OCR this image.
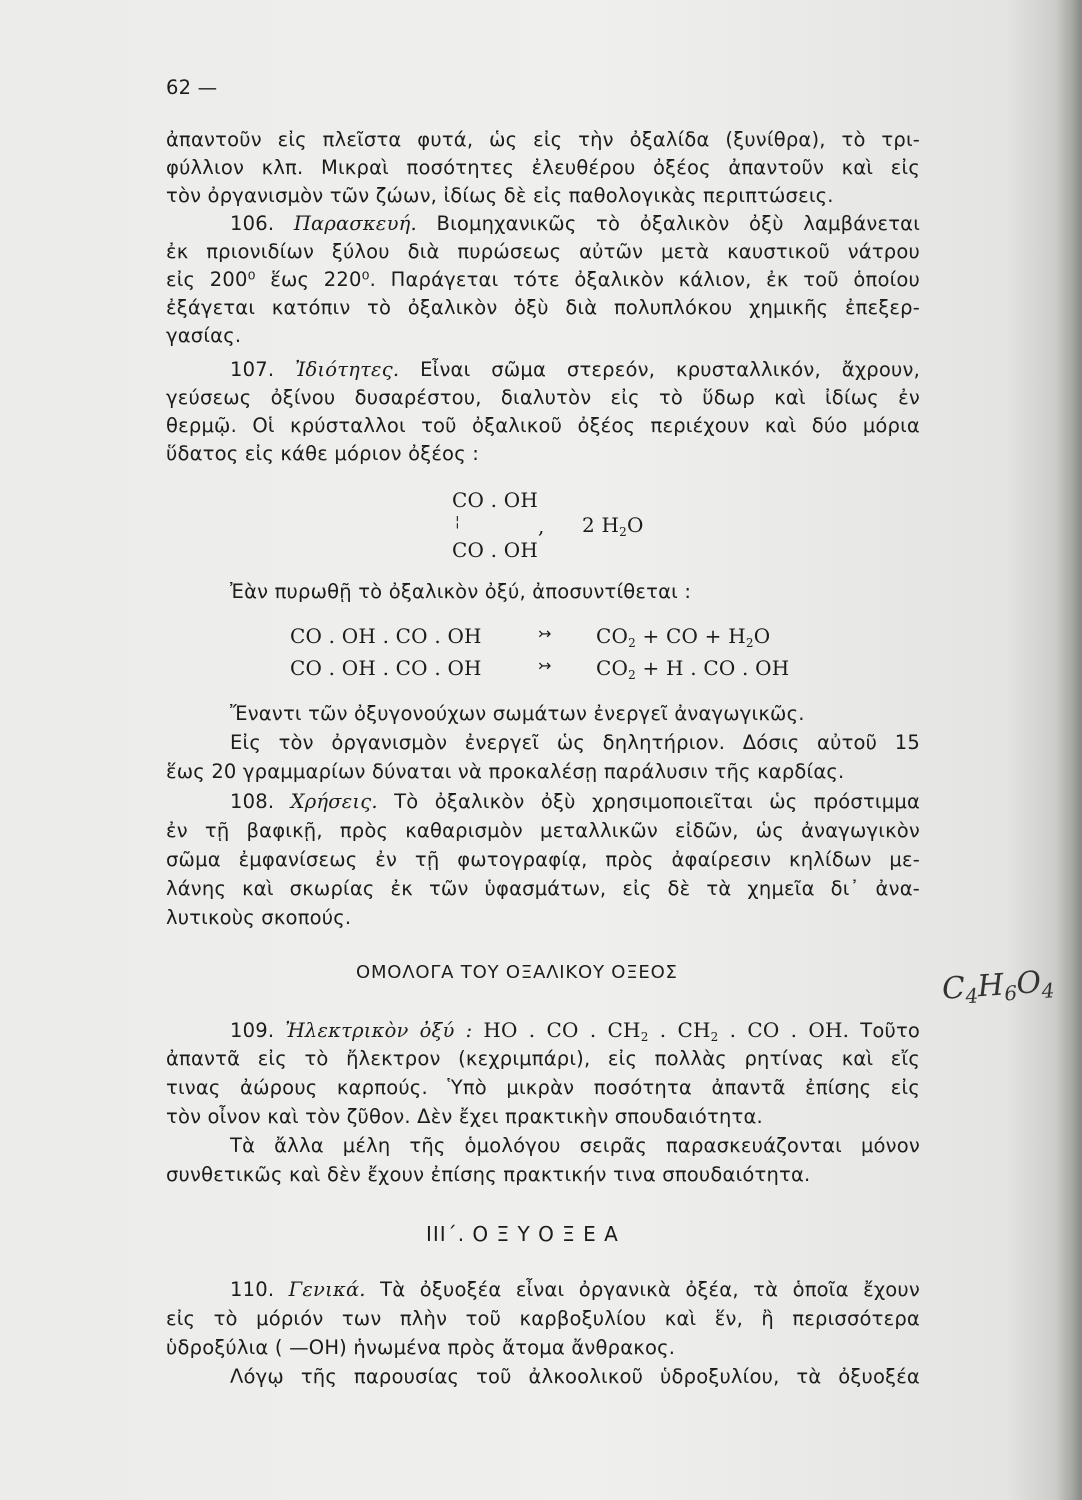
62 —
ἀπαντοῦν εἰς πλεῖστα φυτά, ὡς εἰς τὴν ὀξαλίδα (ξυνίθρα), τὸ τρι-
φύλλιον κλπ. Μικραὶ ποσότητες ἐλευθέρου ὀξέος ἀπαντοῦν καὶ εἰς
τὸν ὀργανισμὸν τῶν ζώων, ἰδίως δὲ εἰς παθολογικὰς περιπτώσεις.
106. Παρασκευή. Βιομηχανικῶς τὸ ὀξαλικὸν ὀξὺ λαμβάνεται
ἐκ πριονιδίων ξύλου διὰ πυρώσεως αὐτῶν μετὰ καυστικοῦ νάτρου
εἰς 200⁰ ἕως 220⁰. Παράγεται τότε ὀξαλικὸν κάλιον, ἐκ τοῦ ὁποίου
ἐξάγεται κατόπιν τὸ ὀξαλικὸν ὀξὺ διὰ πολυπλόκου χημικῆς ἐπεξερ-
γασίας.
107. Ἰδιότητες. Εἶναι σῶμα στερεόν, κρυσταλλικόν, ἄχρουν,
γεύσεως ὀξίνου δυσαρέστου, διαλυτὸν εἰς τὸ ὕδωρ καὶ ἰδίως ἐν
θερμῷ. Οἱ κρύσταλλοι τοῦ ὀξαλικοῦ ὀξέος περιέχουν καὶ δύο μόρια
ὕδατος εἰς κάθε μόριον ὀξέος :
CO . OH
¦	, 2 $H_2O$
CO . OH
Ἐὰν πυρωθῇ τὸ ὀξαλικὸν ὀξύ, ἀποσυντίθεται :
CO . OH . CO . OH	↣ $CO_2$ + CO + $H_2O$
CO . OH . CO . OH	↣ $CO_2 + H$ . CO . OH
Ἔναντι τῶν ὀξυγονούχων σωμάτων ἐνεργεῖ ἀναγωγικῶς.
Εἰς τὸν ὀργανισμὸν ἐνεργεῖ ὡς δηλητήριον. Δόσις αὐτοῦ 15
ἕως 20 γραμμαρίων δύναται νὰ προκαλέσῃ παράλυσιν τῆς καρδίας.
108. Χρήσεις. Τὸ ὀξαλικὸν ὀξὺ χρησιμοποιεῖται ὡς πρόστιμμα
ἐν τῇ βαφικῇ, πρὸς καθαρισμὸν μεταλλικῶν εἰδῶν, ὡς ἀναγωγικὸν
σῶμα ἐμφανίσεως ἐν τῇ φωτογραφίᾳ, πρὸς ἀφαίρεσιν κηλίδων με-
λάνης καὶ σκωρίας ἐκ τῶν ὑφασμάτων, εἰς δὲ τὰ χημεῖα δι᾽ ἀνα-
λυτικοὺς σκοπούς.
ΟΜΟΛΟΓΑ ΤΟΥ ΟΞΑΛΙΚΟΥ ΟΞΕΟΣ	$C_4H_6O_4$
109. Ἠλεκτρικὸν ὀξύ : HO . CO . $CH_2$ . $CH_2$ . CO . OH. Τοῦτο
ἀπαντᾶ εἰς τὸ ἤλεκτρον (κεχριμπάρι), εἰς πολλὰς ρητίνας καὶ εἴς
τινας ἀώρους καρπούς. Ὑπὸ μικρὰν ποσότητα ἀπαντᾶ ἐπίσης εἰς
τὸν οἶνον καὶ τὸν ζῦθον. Δὲν ἔχει πρακτικὴν σπουδαιότητα.
Τὰ ἄλλα μέλη τῆς ὁμολόγου σειρᾶς παρασκευάζονται μόνον
συνθετικῶς καὶ δὲν ἔχουν ἐπίσης πρακτικήν τινα σπουδαιότητα.
ΙΙΙ΄. Ο Ξ Υ Ο Ξ Ε Α
110. Γενικά. Τὰ ὀξυοξέα εἶναι ὀργανικὰ ὀξέα, τὰ ὁποῖα ἔχουν
εἰς τὸ μόριόν των πλὴν τοῦ καρβοξυλίου καὶ ἕν, ἢ περισσότερα
ὑδροξύλια ( —OH) ἡνωμένα πρὸς ἄτομα ἄνθρακος.
Λόγῳ τῆς παρουσίας τοῦ ἀλκοολικοῦ ὑδροξυλίου, τὰ ὀξυοξέα
